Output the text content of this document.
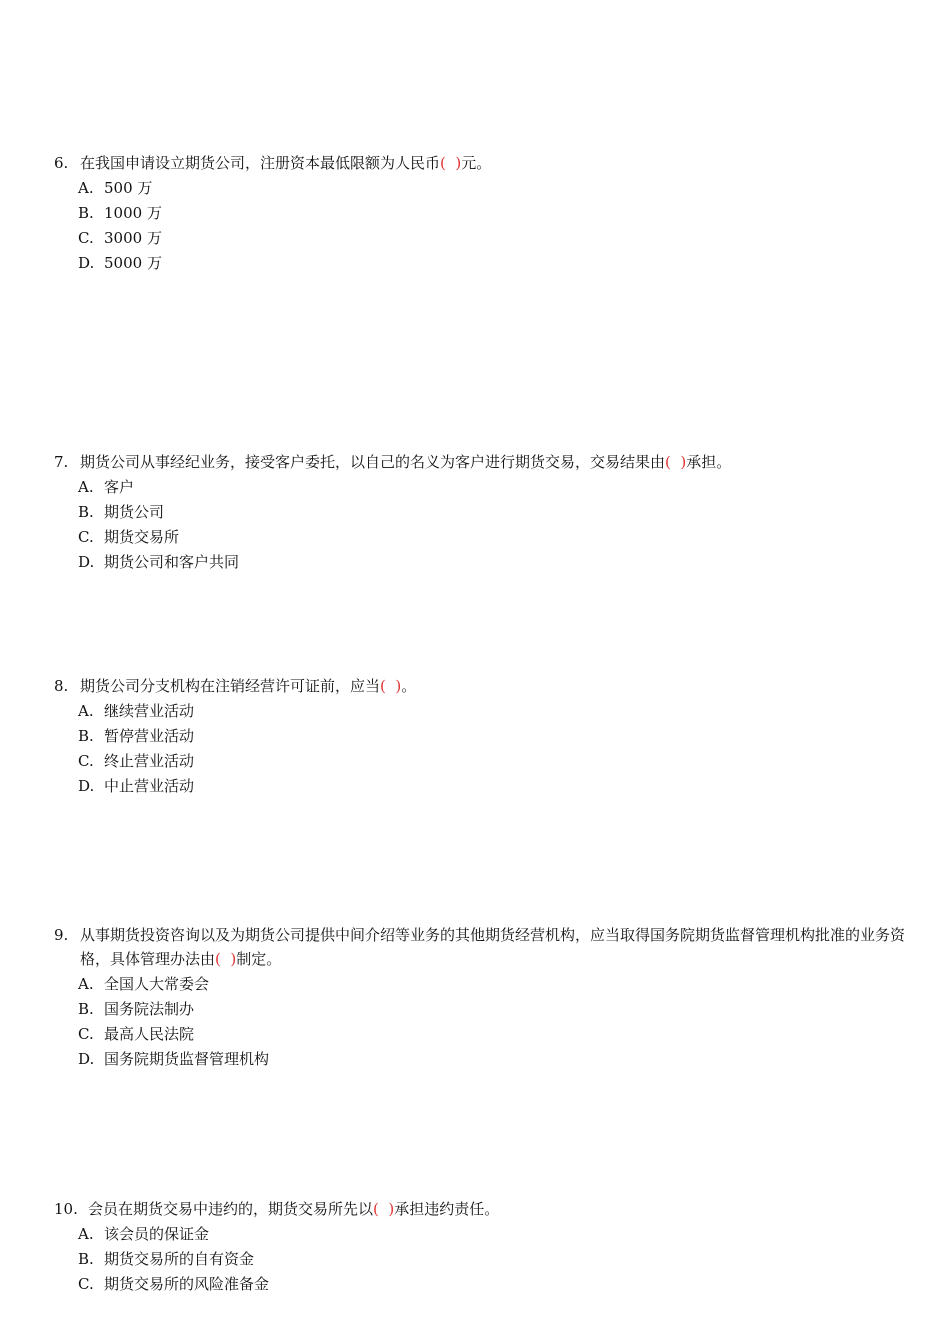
6. 在我国申请设立期货公司，注册资本最低限额为人民币( )元。
A. 500 万
B. 1000 万
C. 3000 万
D. 5000 万
7. 期货公司从事经纪业务，接受客户委托，以自己的名义为客户进行期货交易，交易结果由( )承担。
A. 客户
B. 期货公司
C. 期货交易所
D. 期货公司和客户共同
8. 期货公司分支机构在注销经营许可证前，应当( )。
A. 继续营业活动
B. 暂停营业活动
C. 终止营业活动
D. 中止营业活动
9. 从事期货投资咨询以及为期货公司提供中间介绍等业务的其他期货经营机构，应当取得国务院期货监督管理机构批准的业务资格，具体管理办法由( )制定。
A. 全国人大常委会
B. 国务院法制办
C. 最高人民法院
D. 国务院期货监督管理机构
10. 会员在期货交易中违约的，期货交易所先以( )承担违约责任。
A. 该会员的保证金
B. 期货交易所的自有资金
C. 期货交易所的风险准备金
